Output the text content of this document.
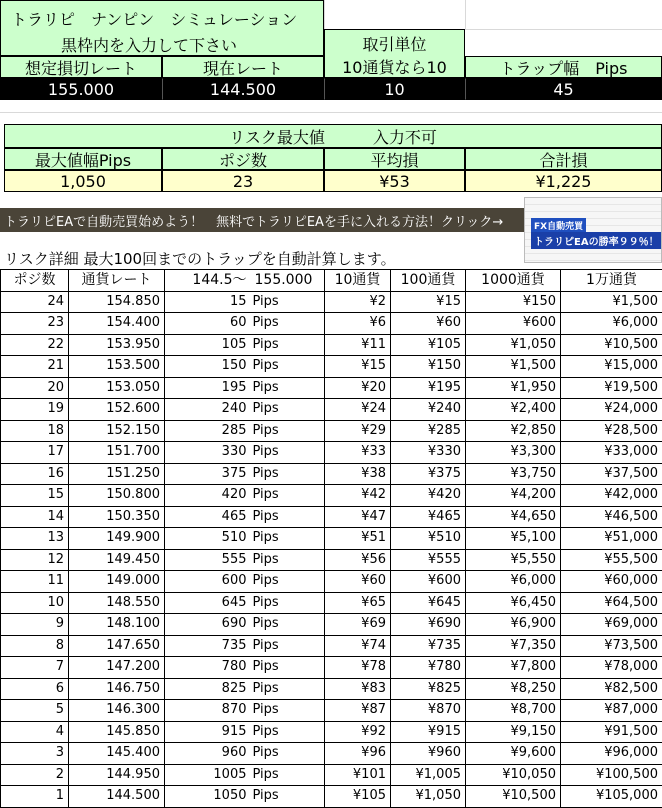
トラリピ　ナンピン　シミュレーション
黒枠内を入力して下さい	取引単位
想定損切レート	現在レート	10通貨なら10	トラップ幅　Pips
155.000	144.500	10	45
リスク最大値　　　入力不可
最大値幅Pips	ポジ数	平均損	合計損
1,050	23	¥53	¥1,225
トラリピEAで自動売買始めよう！　無料でトラリピEAを手に入れる方法！クリック→	FX自動売買
トラリピEAの勝率９９％！
リスク詳細 最大100回までのトラップを自動計算します。
ポジ数	通貨レート	144.5～	155.000	10通貨	100通貨	1000通貨	1万通貨
24	154.850	15	Pips	¥2	¥15	¥150	¥1,500
23	154.400	60	Pips	¥6	¥60	¥600	¥6,000
22	153.950	105	Pips	¥11	¥105	¥1,050	¥10,500
21	153.500	150	Pips	¥15	¥150	¥1,500	¥15,000
20	153.050	195	Pips	¥20	¥195	¥1,950	¥19,500
19	152.600	240	Pips	¥24	¥240	¥2,400	¥24,000
18	152.150	285	Pips	¥29	¥285	¥2,850	¥28,500
17	151.700	330	Pips	¥33	¥330	¥3,300	¥33,000
16	151.250	375	Pips	¥38	¥375	¥3,750	¥37,500
15	150.800	420	Pips	¥42	¥420	¥4,200	¥42,000
14	150.350	465	Pips	¥47	¥465	¥4,650	¥46,500
13	149.900	510	Pips	¥51	¥510	¥5,100	¥51,000
12	149.450	555	Pips	¥56	¥555	¥5,550	¥55,500
11	149.000	600	Pips	¥60	¥600	¥6,000	¥60,000
10	148.550	645	Pips	¥65	¥645	¥6,450	¥64,500
9	148.100	690	Pips	¥69	¥690	¥6,900	¥69,000
8	147.650	735	Pips	¥74	¥735	¥7,350	¥73,500
7	147.200	780	Pips	¥78	¥780	¥7,800	¥78,000
6	146.750	825	Pips	¥83	¥825	¥8,250	¥82,500
5	146.300	870	Pips	¥87	¥870	¥8,700	¥87,000
4	145.850	915	Pips	¥92	¥915	¥9,150	¥91,500
3	145.400	960	Pips	¥96	¥960	¥9,600	¥96,000
2	144.950	1005	Pips	¥101	¥1,005	¥10,050	¥100,500
1	144.500	1050	Pips	¥105	¥1,050	¥10,500	¥105,000
